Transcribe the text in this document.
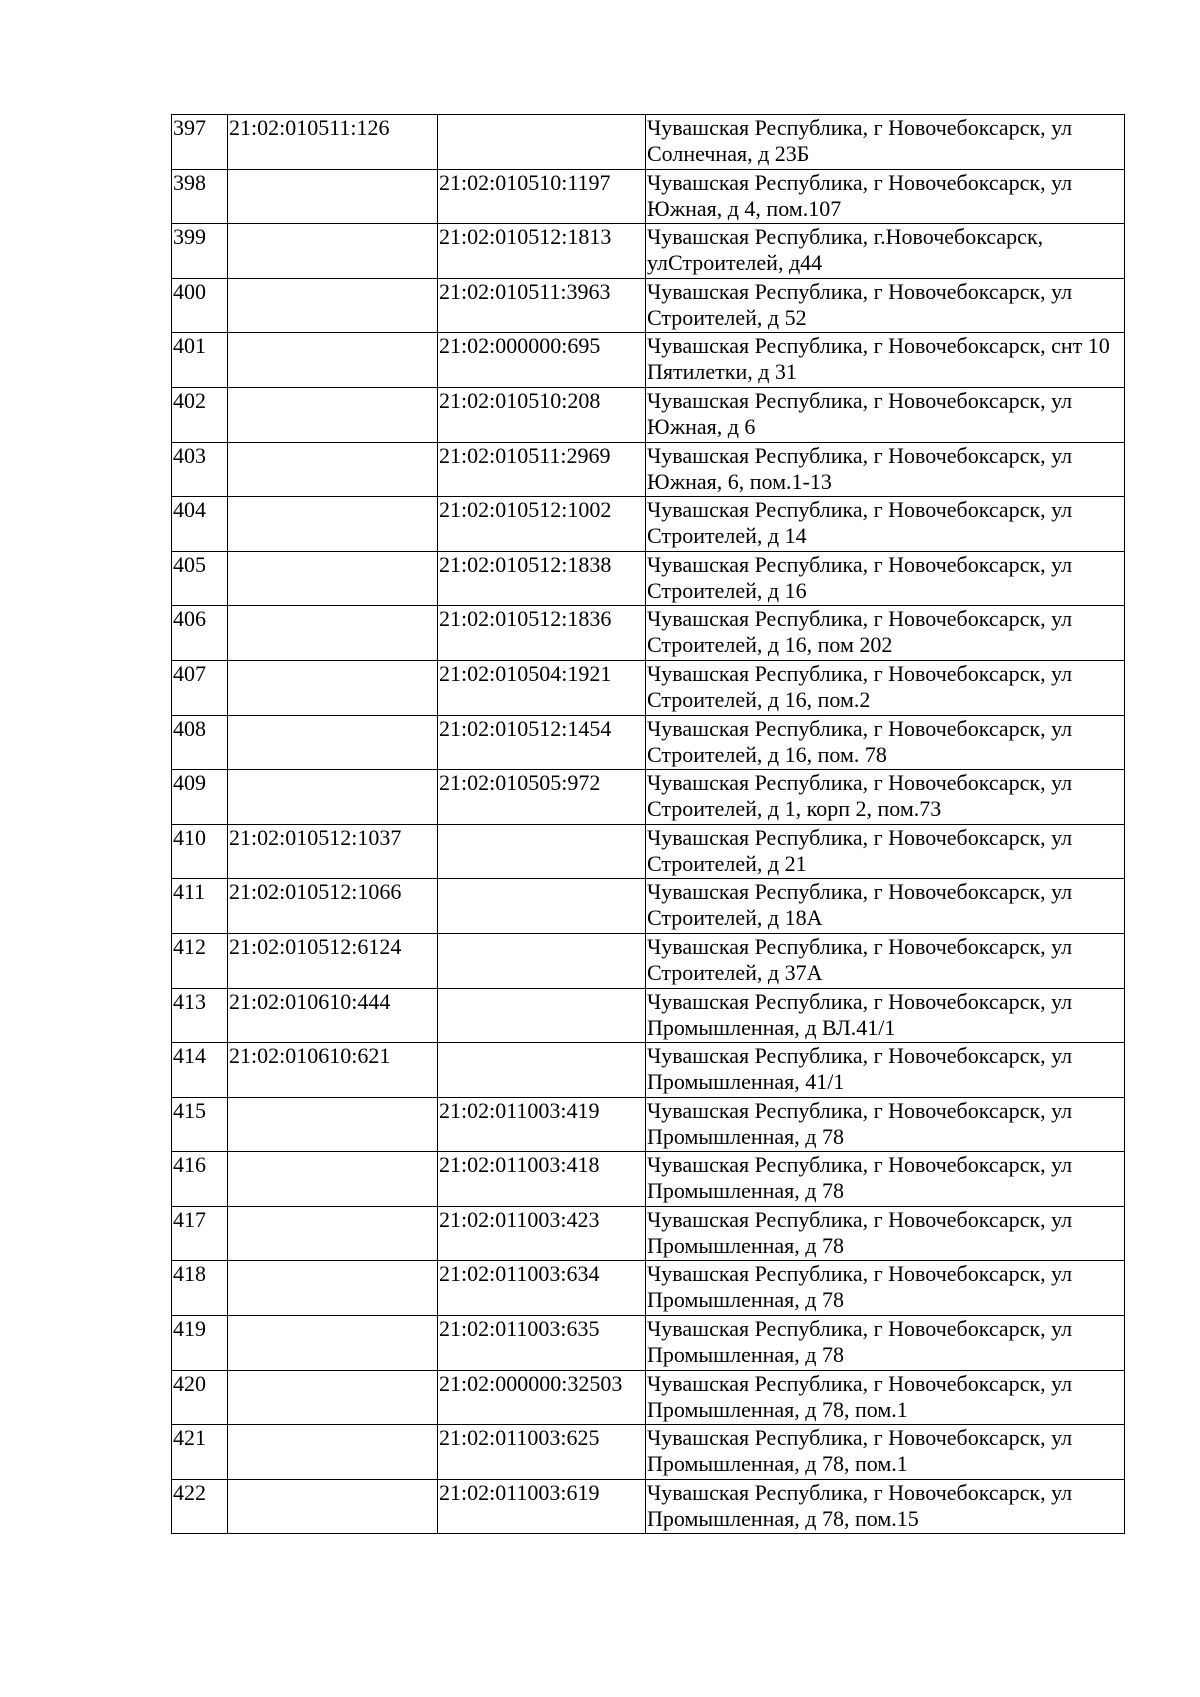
397	21:02:010511:126		Чувашская Республика, г Новочебоксарск, ул Солнечная, д 23Б
398		21:02:010510:1197	Чувашская Республика, г Новочебоксарск, ул Южная, д 4, пом.107
399		21:02:010512:1813	Чувашская Республика, г.Новочебоксарск, улСтроителей, д44
400		21:02:010511:3963	Чувашская Республика, г Новочебоксарск, ул Строителей, д 52
401		21:02:000000:695	Чувашская Республика, г Новочебоксарск, снт 10 Пятилетки, д 31
402		21:02:010510:208	Чувашская Республика, г Новочебоксарск, ул Южная, д 6
403		21:02:010511:2969	Чувашская Республика, г Новочебоксарск, ул Южная, 6, пом.1-13
404		21:02:010512:1002	Чувашская Республика, г Новочебоксарск, ул Строителей, д 14
405		21:02:010512:1838	Чувашская Республика, г Новочебоксарск, ул Строителей, д 16
406		21:02:010512:1836	Чувашская Республика, г Новочебоксарск, ул Строителей, д 16, пом 202
407		21:02:010504:1921	Чувашская Республика, г Новочебоксарск, ул Строителей, д 16, пом.2
408		21:02:010512:1454	Чувашская Республика, г Новочебоксарск, ул Строителей, д 16, пом. 78
409		21:02:010505:972	Чувашская Республика, г Новочебоксарск, ул Строителей, д 1, корп 2, пом.73
410	21:02:010512:1037		Чувашская Республика, г Новочебоксарск, ул Строителей, д 21
411	21:02:010512:1066		Чувашская Республика, г Новочебоксарск, ул Строителей, д 18А
412	21:02:010512:6124		Чувашская Республика, г Новочебоксарск, ул Строителей, д 37А
413	21:02:010610:444		Чувашская Республика, г Новочебоксарск, ул Промышленная, д ВЛ.41/1
414	21:02:010610:621		Чувашская Республика, г Новочебоксарск, ул Промышленная, 41/1
415		21:02:011003:419	Чувашская Республика, г Новочебоксарск, ул Промышленная, д 78
416		21:02:011003:418	Чувашская Республика, г Новочебоксарск, ул Промышленная, д 78
417		21:02:011003:423	Чувашская Республика, г Новочебоксарск, ул Промышленная, д 78
418		21:02:011003:634	Чувашская Республика, г Новочебоксарск, ул Промышленная, д 78
419		21:02:011003:635	Чувашская Республика, г Новочебоксарск, ул Промышленная, д 78
420		21:02:000000:32503	Чувашская Республика, г Новочебоксарск, ул Промышленная, д 78, пом.1
421		21:02:011003:625	Чувашская Республика, г Новочебоксарск, ул Промышленная, д 78, пом.1
422		21:02:011003:619	Чувашская Республика, г Новочебоксарск, ул Промышленная, д 78, пом.15
